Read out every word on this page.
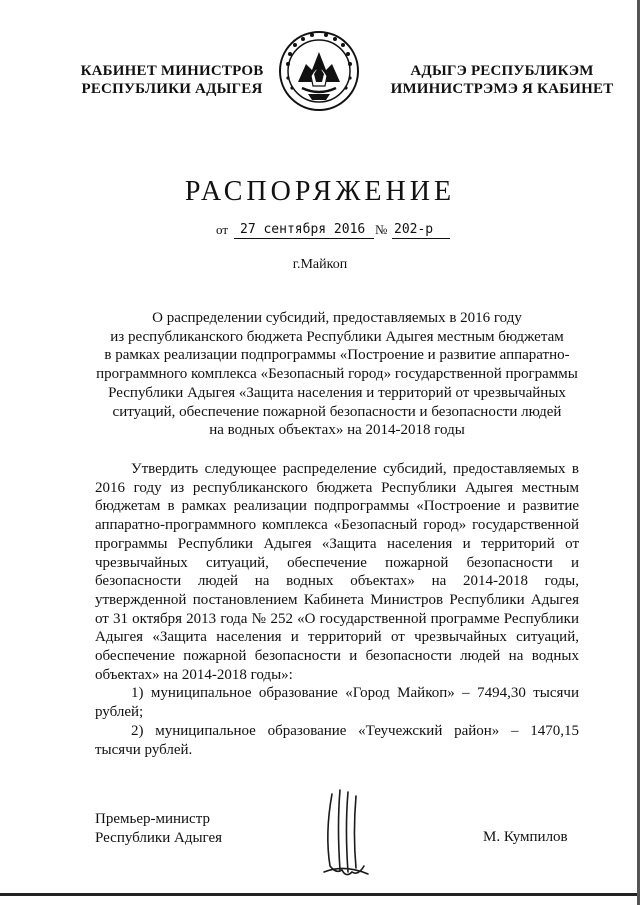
КАБИНЕТ МИНИСТРОВ
РЕСПУБЛИКИ АДЫГЕЯ
АДЫГЭ РЕСПУБЛИКЭМ
ИМИНИСТРЭМЭ Я КАБИНЕТ
РАСПОРЯЖЕНИЕ
от 27 сентября 2016 № 202-р
г.Майкоп
О распределении субсидий, предоставляемых в 2016 году
из республиканского бюджета Республики Адыгея местным бюджетам
в рамках реализации подпрограммы «Построение и развитие аппаратно-
программного комплекса «Безопасный город» государственной программы
Республики Адыгея «Защита населения и территорий от чрезвычайных
ситуаций, обеспечение пожарной безопасности и безопасности людей
на водных объектах» на 2014-2018 годы

Утвердить следующее распределение субсидий, предоставляемых в 2016 году из республиканского бюджета Республики Адыгея местным бюджетам в рамках реализации подпрограммы «Построение и развитие аппаратно-программного комплекса «Безопасный город» государственной программы Республики Адыгея «Защита населения и территорий от чрезвычайных ситуаций, обеспечение пожарной безопасности и безопасности людей на водных объектах» на 2014-2018 годы, утвержденной постановлением Кабинета Министров Республики Адыгея от 31 октября 2013 года № 252 «О государственной программе Республики Адыгея «Защита населения и территорий от чрезвычайных ситуаций, обеспечение пожарной безопасности и безопасности людей на водных объектах» на 2014-2018 годы»:

1) муниципальное образование «Город Майкоп» – 7494,30 тысячи рублей;

2) муниципальное образование «Теучежский район» – 1470,15 тысячи рублей.

Премьер-министр
Республики Адыгея	М. Кумпилов
